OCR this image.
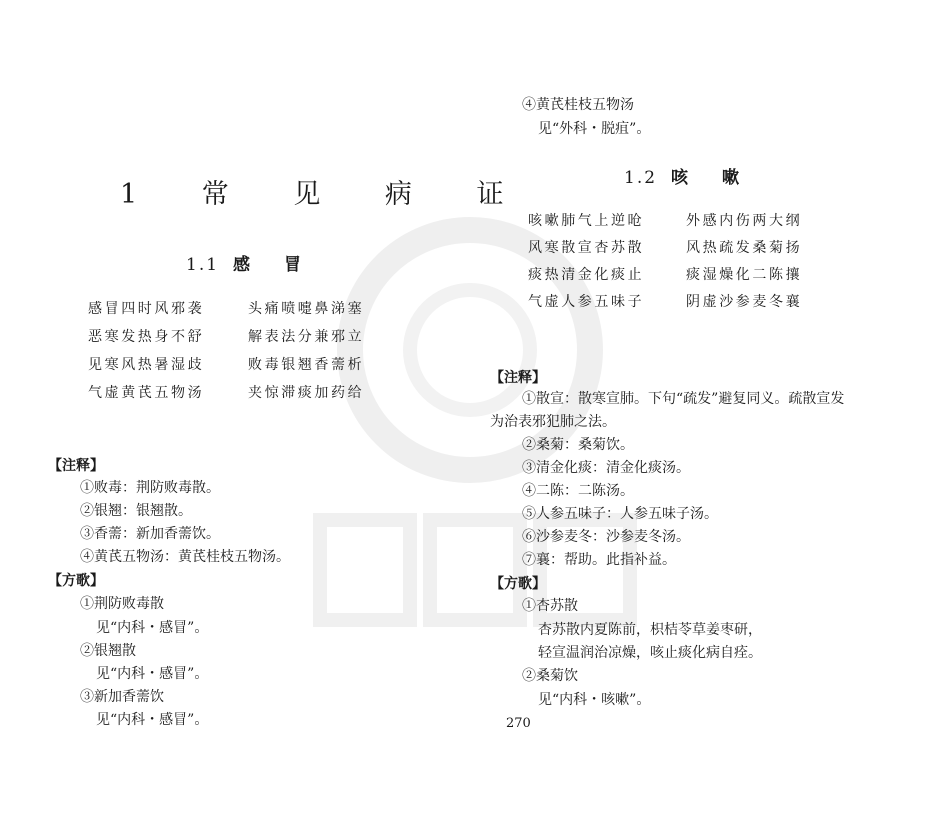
1 常 见 病 证
1.1 感冒
感冒四时风邪袭	头痛喷嚏鼻涕塞
恶寒发热身不舒	解表法分兼邪立
见寒风热暑湿歧	败毒银翘香薷析
气虚黄芪五物汤	夹惊滞痰加药给
【注释】
①败毒：荆防败毒散。
②银翘：银翘散。
③香薷：新加香薷饮。
④黄芪五物汤：黄芪桂枝五物汤。
【方歌】
①荆防败毒散
见“内科・感冒”。
②银翘散
见“内科・感冒”。
③新加香薷饮
见“内科・感冒”。
④黄芪桂枝五物汤
见“外科・脱疽”。
1.2 咳嗽
咳嗽肺气上逆呛	外感内伤两大纲
风寒散宣杏苏散	风热疏发桑菊扬
痰热清金化痰止	痰湿燥化二陈攘
气虚人参五味子	阴虚沙参麦冬襄
【注释】
①散宣：散寒宣肺。下句“疏发”避复同义。疏散宣发
为治表邪犯肺之法。
②桑菊：桑菊饮。
③清金化痰：清金化痰汤。
④二陈：二陈汤。
⑤人参五味子：人参五味子汤。
⑥沙参麦冬：沙参麦冬汤。
⑦襄：帮助。此指补益。
【方歌】
①杏苏散
杏苏散内夏陈前，枳桔苓草姜枣研，
轻宣温润治凉燥，咳止痰化病自痊。
②桑菊饮
见“内科・咳嗽”。
270
